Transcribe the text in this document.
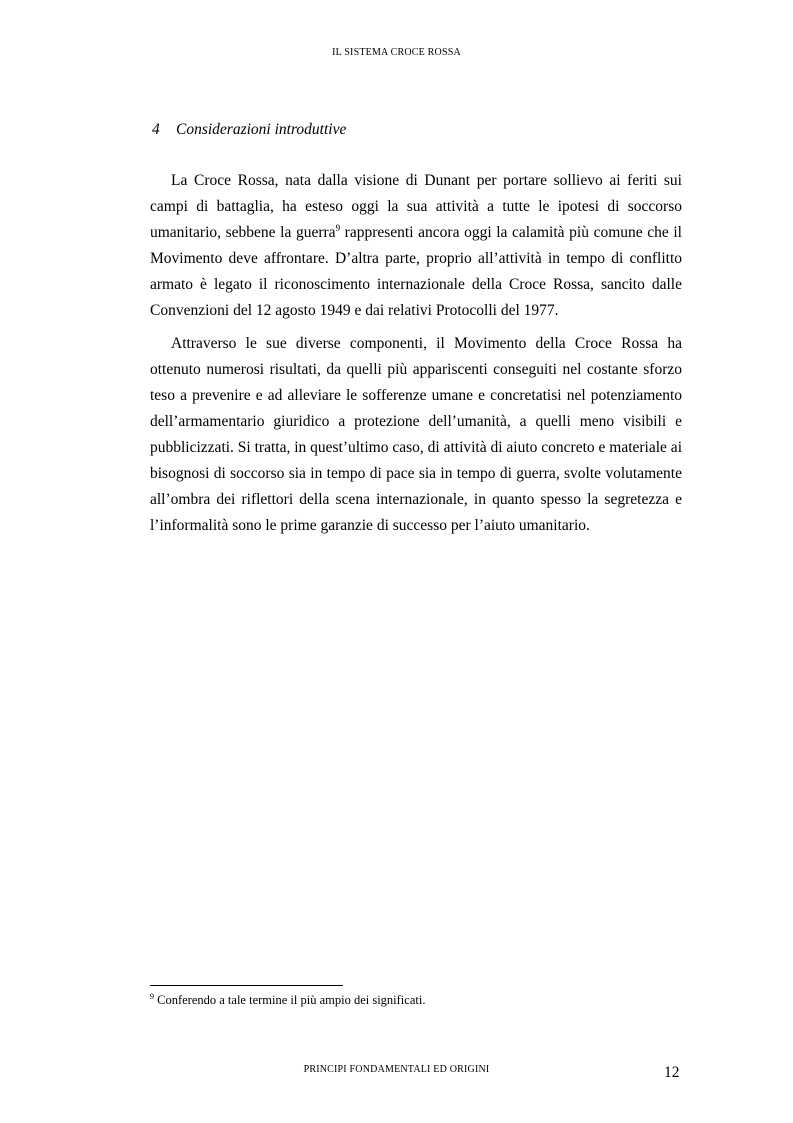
IL SISTEMA CROCE ROSSA
4 Considerazioni introduttive

La Croce Rossa, nata dalla visione di Dunant per portare sollievo ai feriti sui campi di battaglia, ha esteso oggi la sua attività a tutte le ipotesi di soccorso umanitario, sebbene la guerra$^9$ rappresenti ancora oggi la calamità più comune che il Movimento deve affrontare. D’altra parte, proprio all’attività in tempo di conflitto armato è legato il riconoscimento internazionale della Croce Rossa, sancito dalle Convenzioni del 12 agosto 1949 e dai relativi Protocolli del 1977.

Attraverso le sue diverse componenti, il Movimento della Croce Rossa ha ottenuto numerosi risultati, da quelli più appariscenti conseguiti nel costante sforzo teso a prevenire e ad alleviare le sofferenze umane e concretatisi nel potenziamento dell’armamentario giuridico a protezione dell’umanità, a quelli meno visibili e pubblicizzati. Si tratta, in quest’ultimo caso, di attività di aiuto concreto e materiale ai bisognosi di soccorso sia in tempo di pace sia in tempo di guerra, svolte volutamente all’ombra dei riflettori della scena internazionale, in quanto spesso la segretezza e l’informalità sono le prime garanzie di successo per l’aiuto umanitario.

$^9$ Conferendo a tale termine il più ampio dei significati.
PRINCIPI FONDAMENTALI ED ORIGINI	12
